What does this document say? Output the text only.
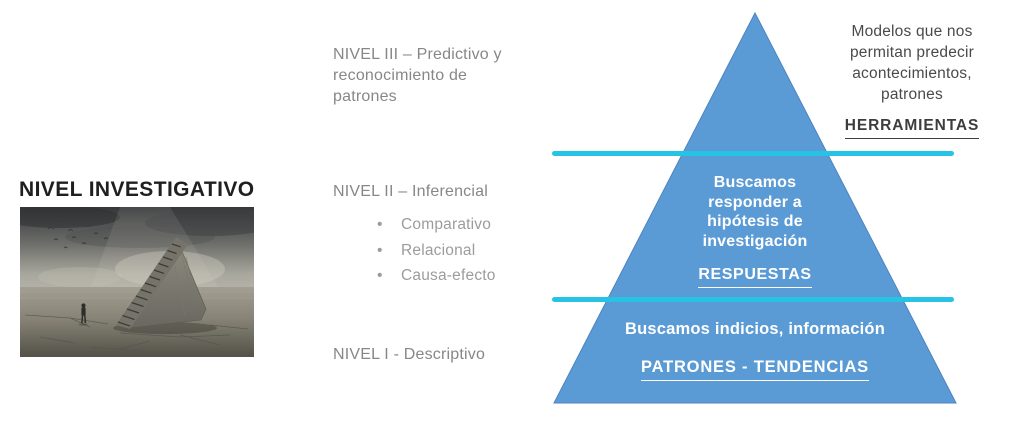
NIVEL INVESTIGATIVO
NIVEL III – Predictivo y reconocimiento de patrones
NIVEL II – Inferencial
• Comparativo
• Relacional
• Causa-efecto
NIVEL I - Descriptivo
Buscamos responder a hipótesis de investigación
RESPUESTAS
Buscamos indicios, información
PATRONES - TENDENCIAS
Modelos que nos permitan predecir acontecimientos, patrones
HERRAMIENTAS
